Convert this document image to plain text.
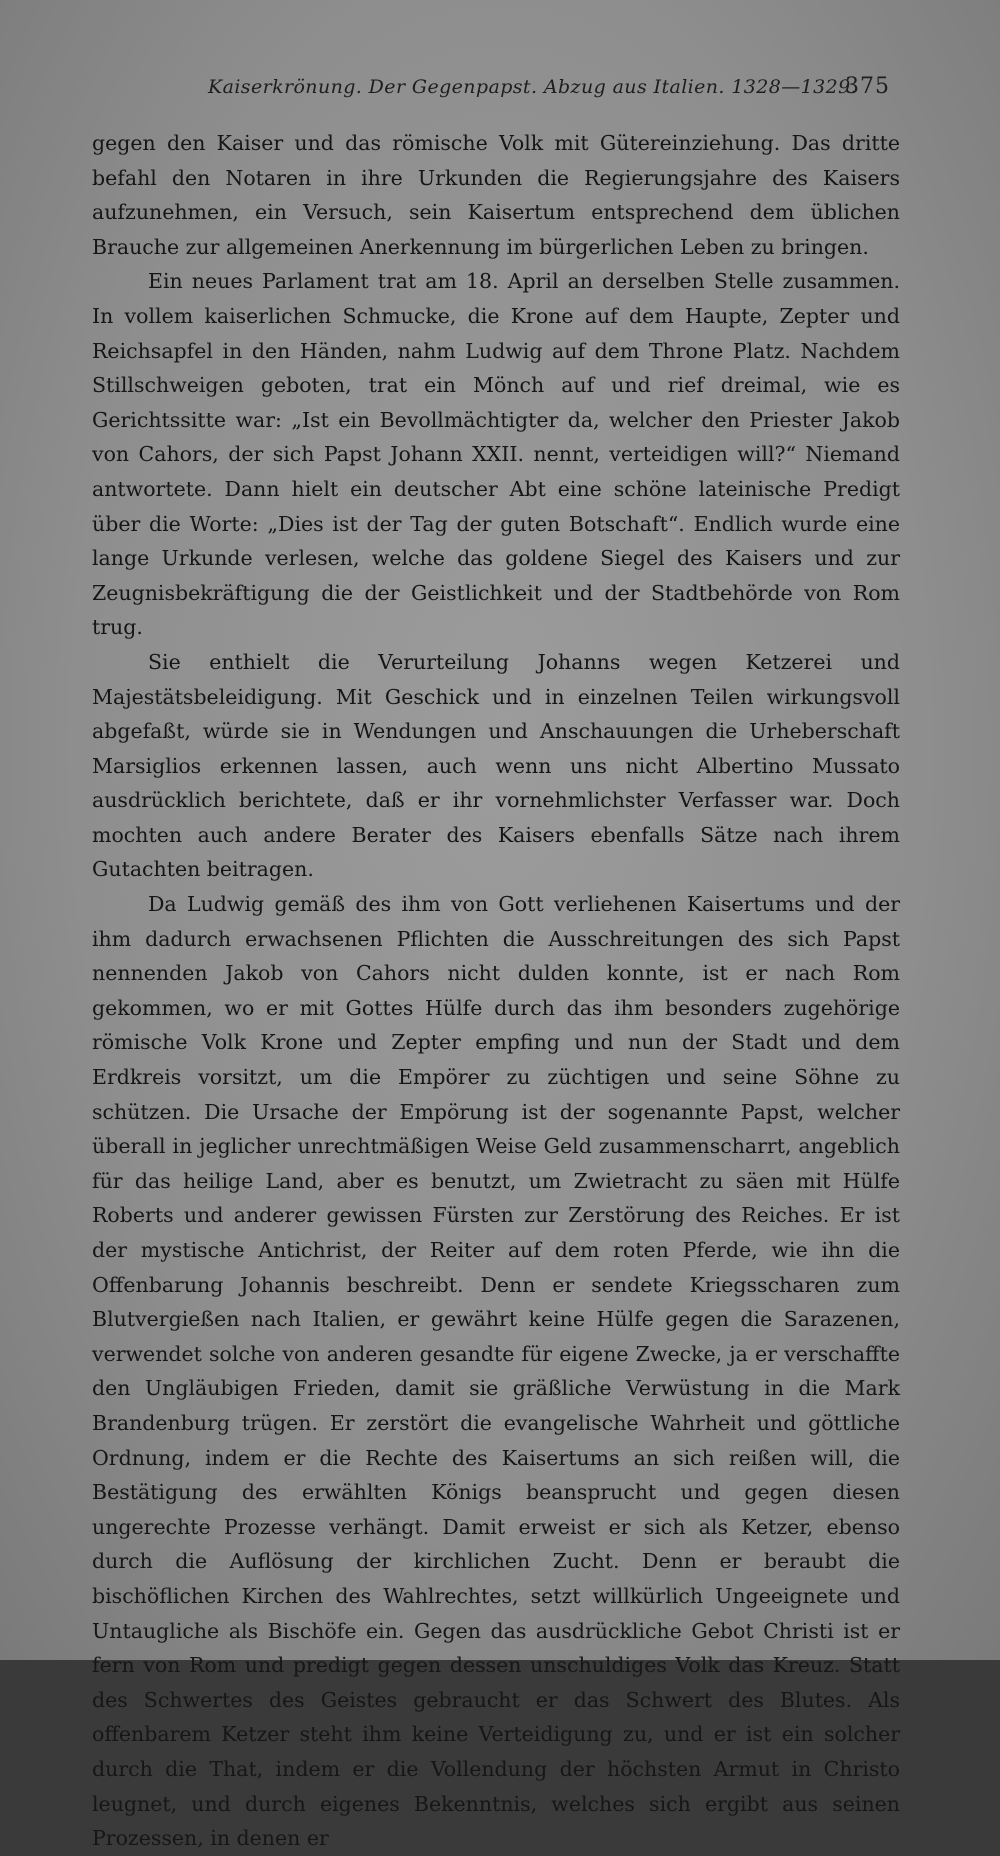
Kaiserkrönung. Der Gegenpapst. Abzug aus Italien. 1328—1329.
375

gegen den Kaiser und das römische Volk mit Gütereinziehung. Das dritte befahl den Notaren in ihre Urkunden die Regierungsjahre des Kaisers aufzunehmen, ein Versuch, sein Kaisertum entsprechend dem üblichen Brauche zur allgemeinen Anerkennung im bürgerlichen Leben zu bringen.

Ein neues Parlament trat am 18. April an derselben Stelle zusammen. In vollem kaiserlichen Schmucke, die Krone auf dem Haupte, Zepter und Reichsapfel in den Händen, nahm Ludwig auf dem Throne Platz. Nachdem Stillschweigen geboten, trat ein Mönch auf und rief dreimal, wie es Gerichtssitte war: „Ist ein Bevollmächtigter da, welcher den Priester Jakob von Cahors, der sich Papst Johann XXII. nennt, verteidigen will?“ Niemand antwortete. Dann hielt ein deutscher Abt eine schöne lateinische Predigt über die Worte: „Dies ist der Tag der guten Botschaft“. Endlich wurde eine lange Urkunde verlesen, welche das goldene Siegel des Kaisers und zur Zeugnisbekräftigung die der Geistlichkeit und der Stadtbehörde von Rom trug.

Sie enthielt die Verurteilung Johanns wegen Ketzerei und Majestätsbeleidigung. Mit Geschick und in einzelnen Teilen wirkungsvoll abgefaßt, würde sie in Wendungen und Anschauungen die Urheberschaft Marsiglios erkennen lassen, auch wenn uns nicht Albertino Mussato ausdrücklich berichtete, daß er ihr vornehmlichster Verfasser war. Doch mochten auch andere Berater des Kaisers ebenfalls Sätze nach ihrem Gutachten beitragen.

Da Ludwig gemäß des ihm von Gott verliehenen Kaisertums und der ihm dadurch erwachsenen Pflichten die Ausschreitungen des sich Papst nennenden Jakob von Cahors nicht dulden konnte, ist er nach Rom gekommen, wo er mit Gottes Hülfe durch das ihm besonders zugehörige römische Volk Krone und Zepter empfing und nun der Stadt und dem Erdkreis vorsitzt, um die Empörer zu züchtigen und seine Söhne zu schützen. Die Ursache der Empörung ist der sogenannte Papst, welcher überall in jeglicher unrechtmäßigen Weise Geld zusammenscharrt, angeblich für das heilige Land, aber es benutzt, um Zwietracht zu säen mit Hülfe Roberts und anderer gewissen Fürsten zur Zerstörung des Reiches. Er ist der mystische Antichrist, der Reiter auf dem roten Pferde, wie ihn die Offenbarung Johannis beschreibt. Denn er sendete Kriegsscharen zum Blutvergießen nach Italien, er gewährt keine Hülfe gegen die Sarazenen, verwendet solche von anderen gesandte für eigene Zwecke, ja er verschaffte den Ungläubigen Frieden, damit sie gräßliche Verwüstung in die Mark Brandenburg trügen. Er zerstört die evangelische Wahrheit und göttliche Ordnung, indem er die Rechte des Kaisertums an sich reißen will, die Bestätigung des erwählten Königs beansprucht und gegen diesen ungerechte Prozesse verhängt. Damit erweist er sich als Ketzer, ebenso durch die Auflösung der kirchlichen Zucht. Denn er beraubt die bischöflichen Kirchen des Wahlrechtes, setzt willkürlich Ungeeignete und Untaugliche als Bischöfe ein. Gegen das ausdrückliche Gebot Christi ist er fern von Rom und predigt gegen dessen unschuldiges Volk das Kreuz. Statt des Schwertes des Geistes gebraucht er das Schwert des Blutes. Als offenbarem Ketzer steht ihm keine Verteidigung zu, und er ist ein solcher durch die That, indem er die Vollendung der höchsten Armut in Christo leugnet, und durch eigenes Bekenntnis, welches sich ergibt aus seinen Prozessen, in denen er
